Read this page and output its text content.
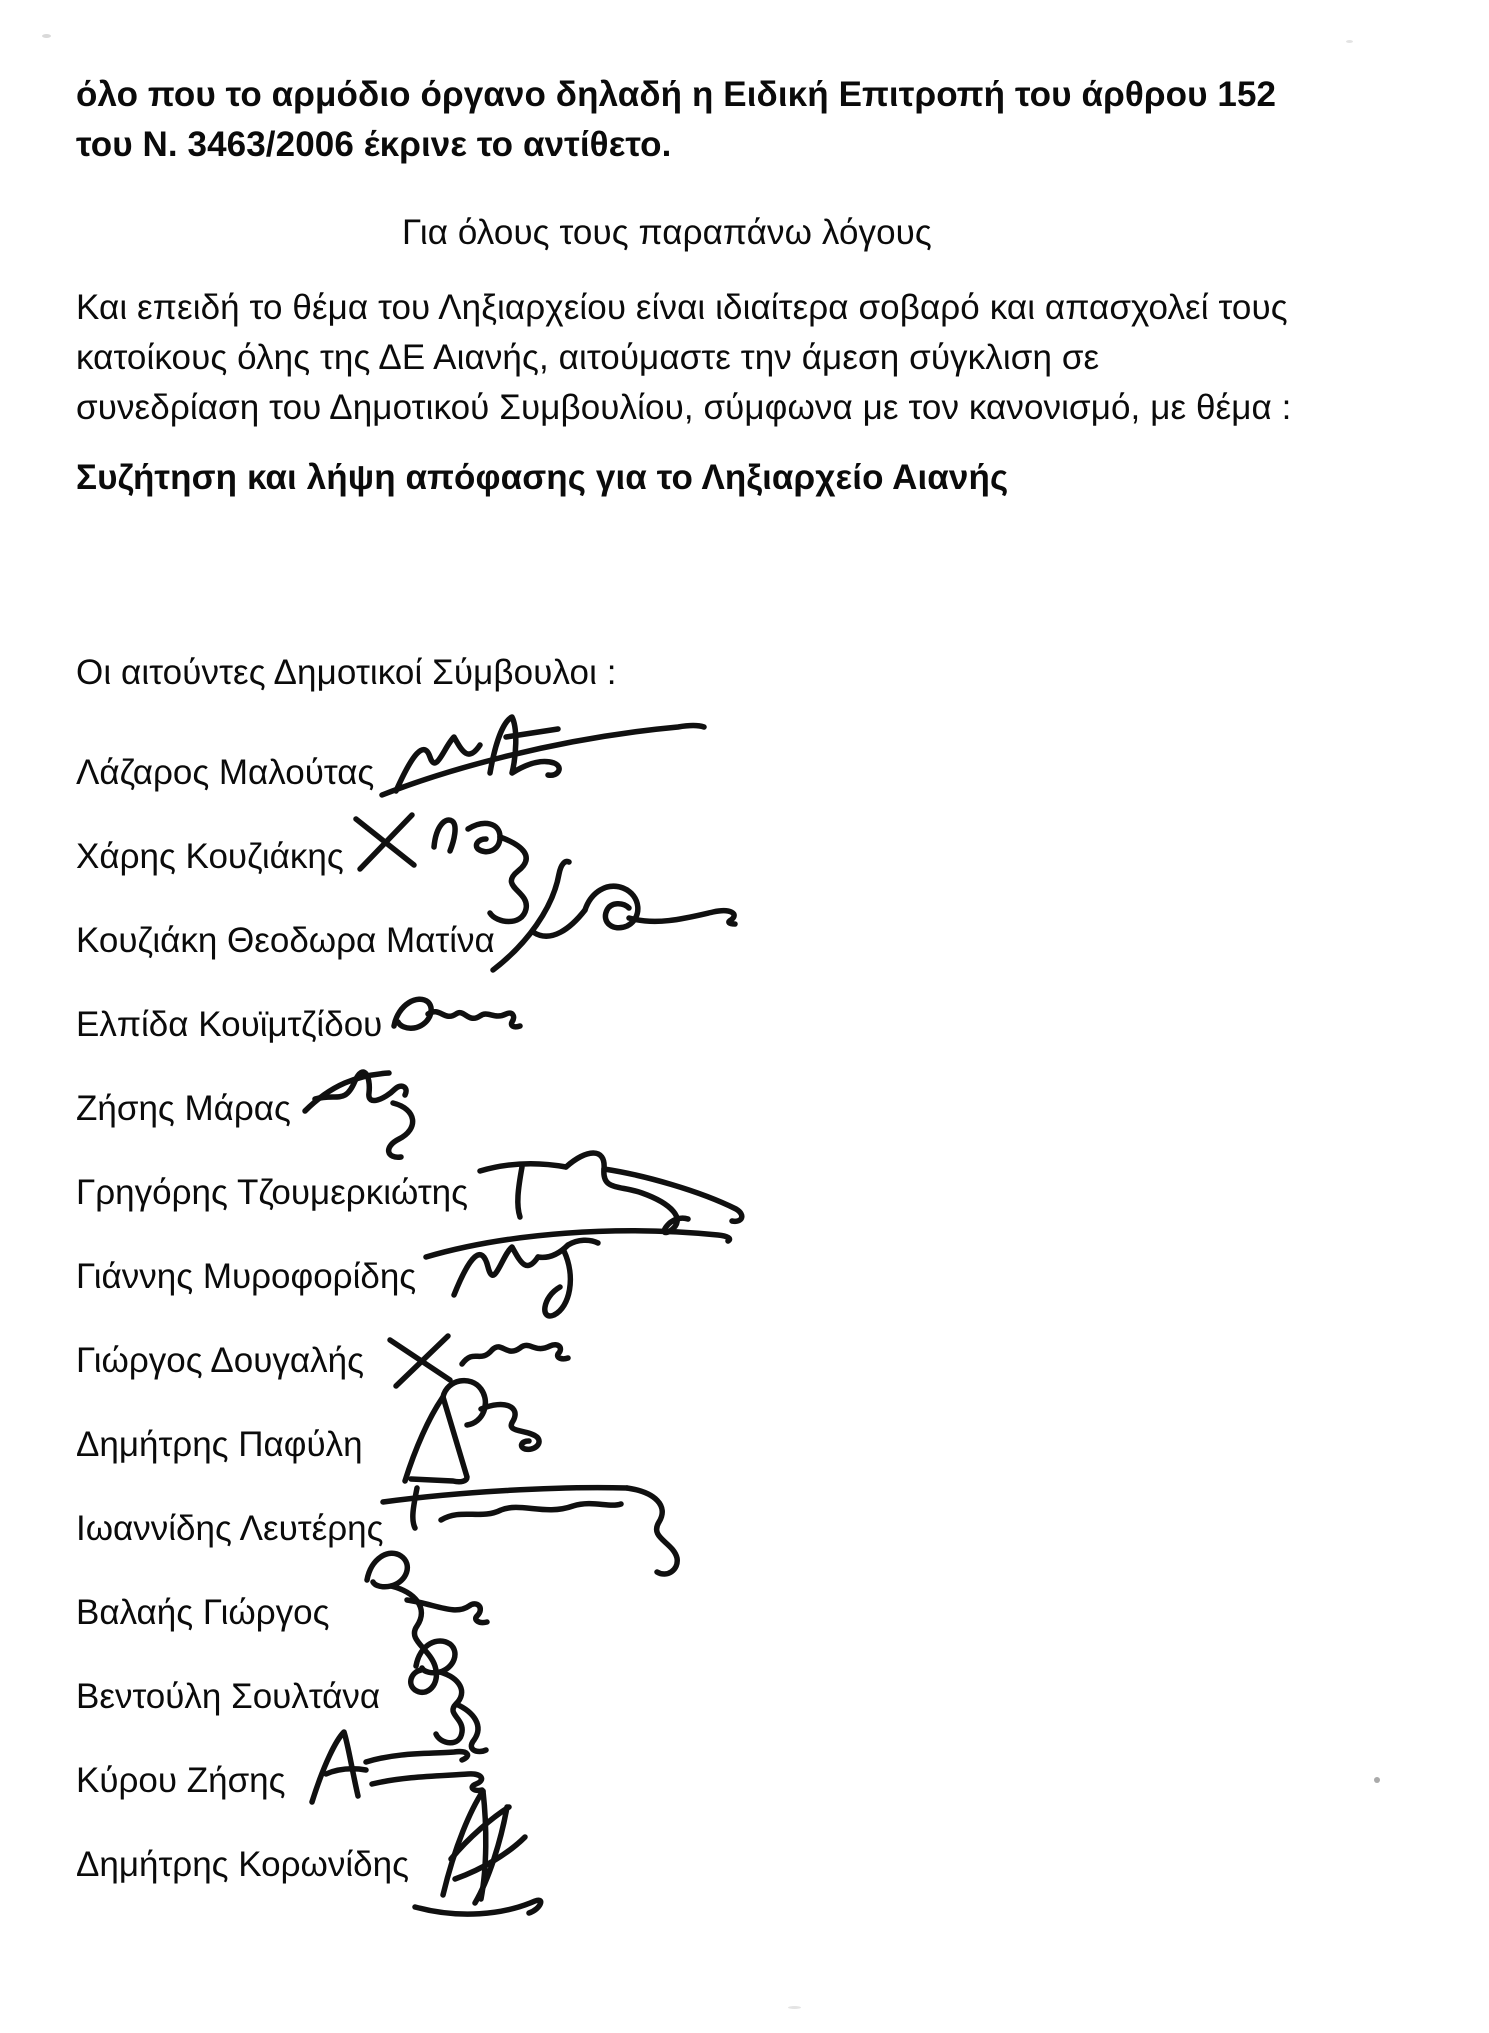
όλο που το αρμόδιο όργανο δηλαδή η Ειδική Επιτροπή του άρθρου 152
του Ν. 3463/2006 έκρινε το αντίθετο.
Για όλους τους παραπάνω λόγους
Και επειδή το θέμα του Ληξιαρχείου είναι ιδιαίτερα σοβαρό και απασχολεί τους
κατοίκους όλης της ΔΕ Αιανής, αιτούμαστε την άμεση σύγκλιση σε
συνεδρίαση του Δημοτικού Συμβουλίου, σύμφωνα με τον κανονισμό, με θέμα :
Συζήτηση και λήψη απόφασης για το Ληξιαρχείο Αιανής
Οι αιτούντες Δημοτικοί Σύμβουλοι :
Λάζαρος Μαλούτας
Χάρης Κουζιάκης
Κουζιάκη Θεοδωρα Ματίνα
Ελπίδα Κουϊμτζίδου
Ζήσης Μάρας
Γρηγόρης Τζουμερκιώτης
Γιάννης Μυροφορίδης
Γιώργος Δουγαλής
Δημήτρης Παφύλη
Ιωαννίδης Λευτέρης
Βαλαής Γιώργος
Βεντούλη Σουλτάνα
Κύρου Ζήσης
Δημήτρης Κορωνίδης
